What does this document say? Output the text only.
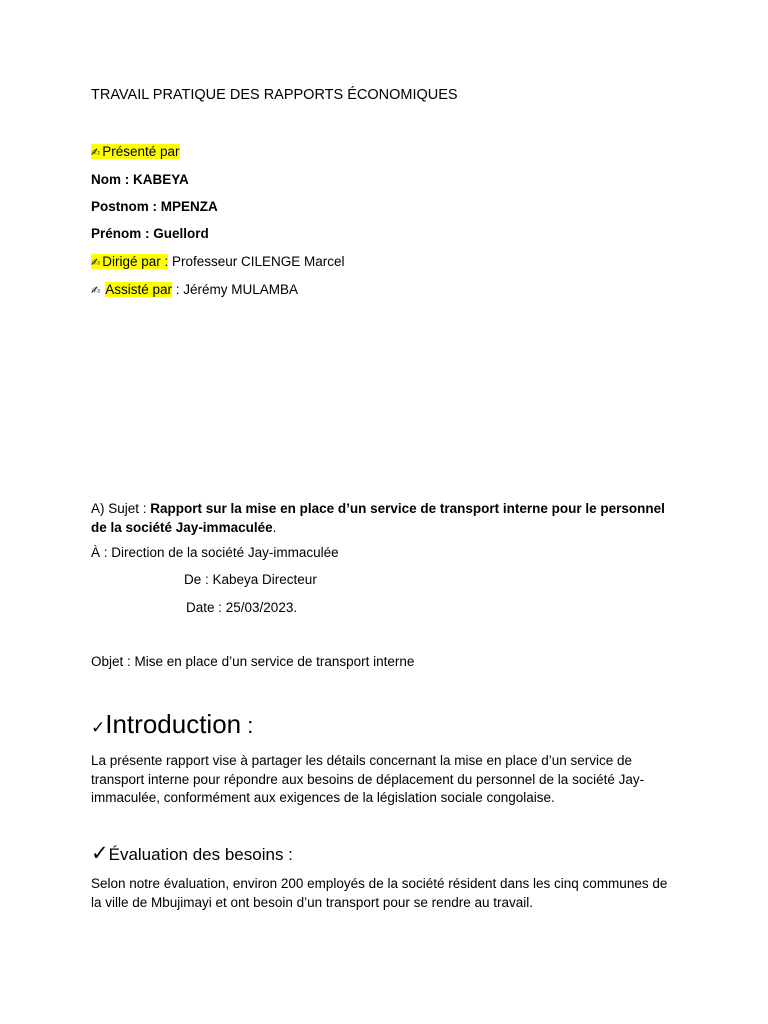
TRAVAIL PRATIQUE DES RAPPORTS ÉCONOMIQUES
✍ Présenté par
Nom : KABEYA
Postnom : MPENZA
Prénom : Guellord
✍ Dirigé par : Professeur CILENGE Marcel
✍ Assisté par : Jérémy MULAMBA
A) Sujet : Rapport sur la mise en place d’un service de transport interne pour le personnel de la société Jay-immaculée.
À : Direction de la société Jay-immaculée
De : Kabeya Directeur
Date : 25/03/2023.
Objet : Mise en place d’un service de transport interne
✓Introduction :
La présente rapport vise à partager les détails concernant la mise en place d’un service de transport interne pour répondre aux besoins de déplacement du personnel de la société Jay-immaculée, conformément aux exigences de la législation sociale congolaise.
✓Évaluation des besoins :
Selon notre évaluation, environ 200 employés de la société résident dans les cinq communes de la ville de Mbujimayi et ont besoin d’un transport pour se rendre au travail.
